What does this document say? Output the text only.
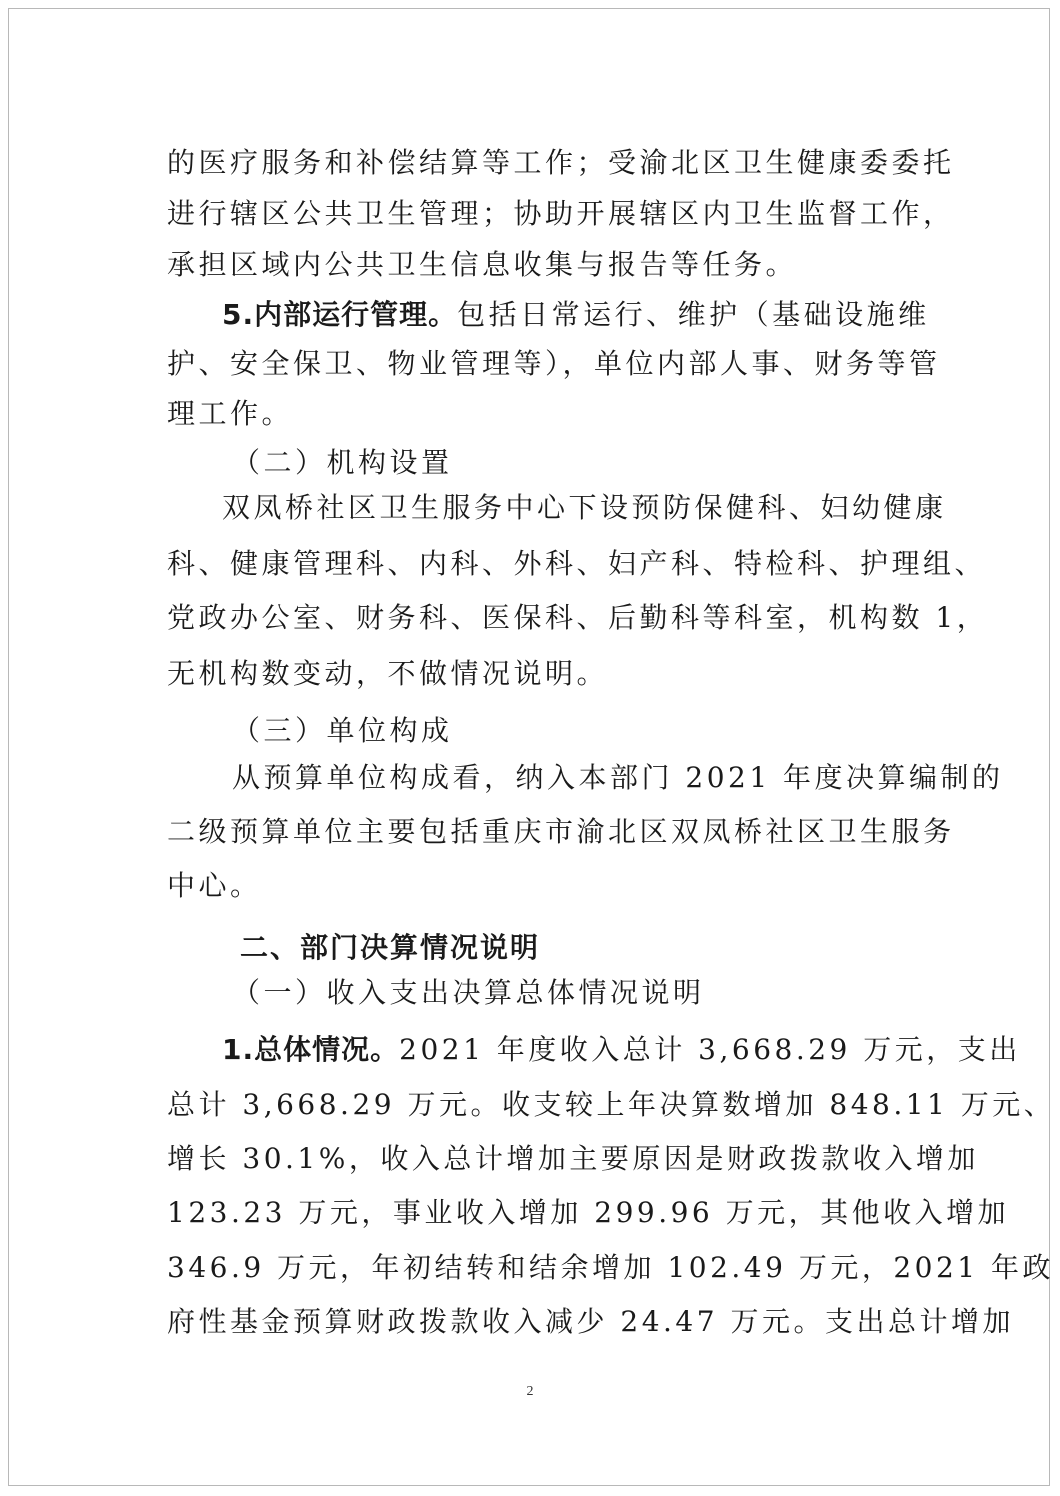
的医疗服务和补偿结算等工作；受渝北区卫生健康委委托
进行辖区公共卫生管理；协助开展辖区内卫生监督工作，
承担区域内公共卫生信息收集与报告等任务。
5.内部运行管理。包括日常运行、维护（基础设施维
护、安全保卫、物业管理等），单位内部人事、财务等管
理工作。
（二）机构设置
双凤桥社区卫生服务中心下设预防保健科、妇幼健康
科、健康管理科、内科、外科、妇产科、特检科、护理组、
党政办公室、财务科、医保科、后勤科等科室，机构数 1，
无机构数变动，不做情况说明。
（三）单位构成
从预算单位构成看，纳入本部门 2021 年度决算编制的
二级预算单位主要包括重庆市渝北区双凤桥社区卫生服务
中心。
二、部门决算情况说明
（一）收入支出决算总体情况说明
1.总体情况。2021 年度收入总计 3,668.29 万元，支出
总计 3,668.29 万元。收支较上年决算数增加 848.11 万元、
增长 30.1%，收入总计增加主要原因是财政拨款收入增加
123.23 万元，事业收入增加 299.96 万元，其他收入增加
346.9 万元，年初结转和结余增加 102.49 万元，2021 年政
府性基金预算财政拨款收入减少 24.47 万元。支出总计增加
2
